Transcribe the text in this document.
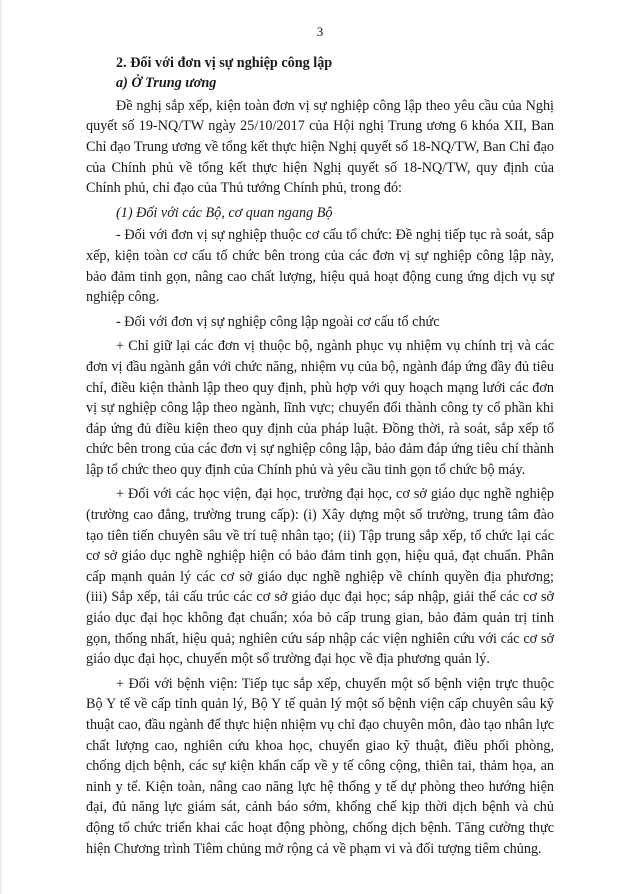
3
2. Đối với đơn vị sự nghiệp công lập
a) Ở Trung ương

Đề nghị sắp xếp, kiện toàn đơn vị sự nghiệp công lập theo yêu cầu của Nghị quyết số 19-NQ/TW ngày 25/10/2017 của Hội nghị Trung ương 6 khóa XII, Ban Chỉ đạo Trung ương về tổng kết thực hiện Nghị quyết số 18-NQ/TW, Ban Chỉ đạo của Chính phủ về tổng kết thực hiện Nghị quyết số 18-NQ/TW, quy định của Chính phủ, chỉ đạo của Thủ tướng Chính phủ, trong đó:

(1) Đối với các Bộ, cơ quan ngang Bộ

- Đối với đơn vị sự nghiệp thuộc cơ cấu tổ chức: Đề nghị tiếp tục rà soát, sắp xếp, kiện toàn cơ cấu tổ chức bên trong của các đơn vị sự nghiệp công lập này, bảo đảm tinh gọn, nâng cao chất lượng, hiệu quả hoạt động cung ứng dịch vụ sự nghiệp công.

- Đối với đơn vị sự nghiệp công lập ngoài cơ cấu tổ chức

+ Chỉ giữ lại các đơn vị thuộc bộ, ngành phục vụ nhiệm vụ chính trị và các đơn vị đầu ngành gắn với chức năng, nhiệm vụ của bộ, ngành đáp ứng đầy đủ tiêu chí, điều kiện thành lập theo quy định, phù hợp với quy hoạch mạng lưới các đơn vị sự nghiệp công lập theo ngành, lĩnh vực; chuyển đổi thành công ty cổ phần khi đáp ứng đủ điều kiện theo quy định của pháp luật. Đồng thời, rà soát, sắp xếp tổ chức bên trong của các đơn vị sự nghiệp công lập, bảo đảm đáp ứng tiêu chí thành lập tổ chức theo quy định của Chính phủ và yêu cầu tinh gọn tổ chức bộ máy.

+ Đối với các học viện, đại học, trường đại học, cơ sở giáo dục nghề nghiệp (trường cao đẳng, trường trung cấp): (i) Xây dựng một số trường, trung tâm đào tạo tiên tiến chuyên sâu về trí tuệ nhân tạo; (ii) Tập trung sắp xếp, tổ chức lại các cơ sở giáo dục nghề nghiệp hiện có bảo đảm tinh gọn, hiệu quả, đạt chuẩn. Phân cấp mạnh quản lý các cơ sở giáo dục nghề nghiệp về chính quyền địa phương; (iii) Sắp xếp, tái cấu trúc các cơ sở giáo dục đại học; sáp nhập, giải thể các cơ sở giáo dục đại học không đạt chuẩn; xóa bỏ cấp trung gian, bảo đảm quản trị tinh gọn, thống nhất, hiệu quả; nghiên cứu sáp nhập các viện nghiên cứu với các cơ sở giáo dục đại học, chuyển một số trường đại học về địa phương quản lý.

+ Đối với bệnh viện: Tiếp tục sắp xếp, chuyển một số bệnh viện trực thuộc Bộ Y tế về cấp tỉnh quản lý, Bộ Y tế quản lý một số bệnh viện cấp chuyên sâu kỹ thuật cao, đầu ngành để thực hiện nhiệm vụ chỉ đạo chuyên môn, đào tạo nhân lực chất lượng cao, nghiên cứu khoa học, chuyển giao kỹ thuật, điều phối phòng, chống dịch bệnh, các sự kiện khẩn cấp về y tế công cộng, thiên tai, thảm họa, an ninh y tế. Kiện toàn, nâng cao năng lực hệ thống y tế dự phòng theo hướng hiện đại, đủ năng lực giám sát, cảnh báo sớm, khống chế kịp thời dịch bệnh và chủ động tổ chức triển khai các hoạt động phòng, chống dịch bệnh. Tăng cường thực hiện Chương trình Tiêm chủng mở rộng cả về phạm vi và đối tượng tiêm chủng.
